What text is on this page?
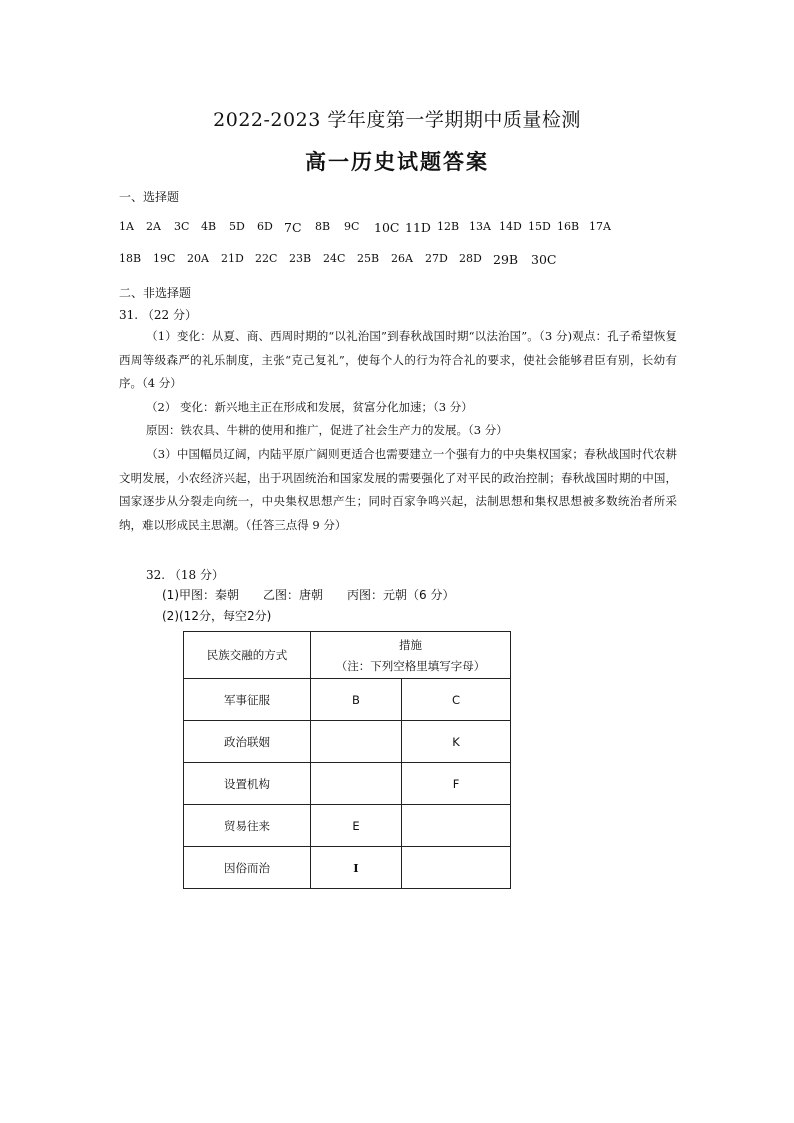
2022-2023 学年度第一学期期中质量检测
高一历史试题答案
一、选择题
1A	2A	3C	4B	5D	6D 7C	8B	9C	10C 11D 12B 13A 14D 15D 16B 17A
18B	19C	20A	21D	22C	23B	24C	25B	26A	27D	28D 29B	30C
二、非选择题
31. （22 分）
（1）变化：从夏、商、西周时期的“以礼治国”到春秋战国时期“以法治国”。（3 分)观点：孔子希望恢复西周等级森严的礼乐制度，主张“克己复礼”，使每个人的行为符合礼的要求，使社会能够君臣有别，长幼有序。（4 分）
（2） 变化：新兴地主正在形成和发展，贫富分化加速；（3 分）
原因：铁农具、牛耕的使用和推广，促进了社会生产力的发展。（3 分）
（3）中国幅员辽阔，内陆平原广阔则更适合也需要建立一个强有力的中央集权国家；春秋战国时代农耕文明发展，小农经济兴起，出于巩固统治和国家发展的需要强化了对平民的政治控制；春秋战国时期的中国，国家逐步从分裂走向统一，中央集权思想产生；同时百家争鸣兴起，法制思想和集权思想被多数统治者所采纳，难以形成民主思潮。（任答三点得 9 分）
32. （18 分）
(1)甲图：秦朝　　乙图：唐朝　　丙图：元朝（6 分）
(2)(12分，每空2分)
民族交融的方式	措施
（注：下列空格里填写字母）	

军事征服	B	C
政治联姻		K
设置机构		F
贸易往来	E	
因俗而治	I	
